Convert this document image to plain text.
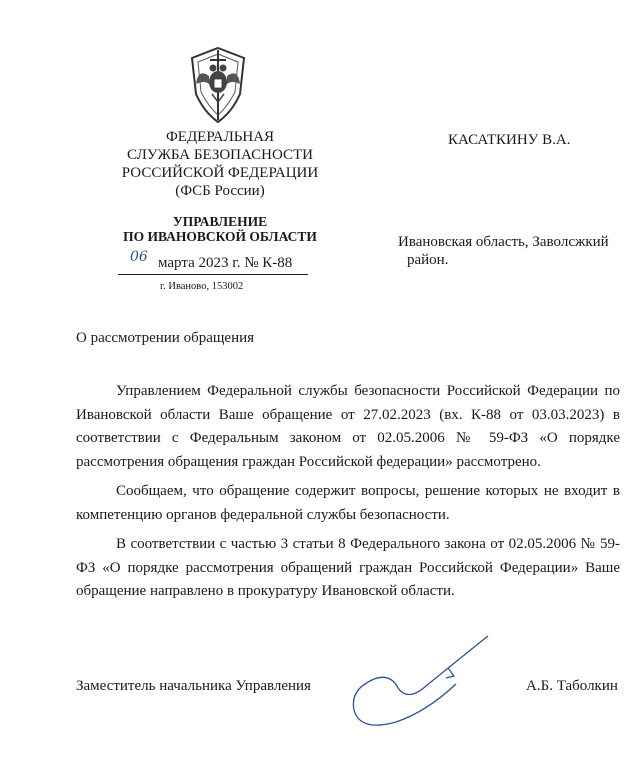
ФЕДЕРАЛЬНАЯ
СЛУЖБА БЕЗОПАСНОСТИ
РОССИЙСКОЙ ФЕДЕРАЦИИ
(ФСБ России)
УПРАВЛЕНИЕ
ПО ИВАНОВСКОЙ ОБЛАСТИ
06 марта 2023 г. № К-88
г. Иваново, 153002
КАСАТКИНУ В.А.
Ивановская область, Заволсжкий
район.
О рассмотрении обращения

Управлением Федеральной службы безопасности Российской Федерации по Ивановской области Ваше обращение от 27.02.2023 (вх. К-88 от 03.03.2023) в соответствии с Федеральным законом от 02.05.2006 № 59-ФЗ «О порядке рассмотрения обращения граждан Российской федерации» рассмотрено.

Сообщаем, что обращение содержит вопросы, решение которых не входит в компетенцию органов федеральной службы безопасности.

В соответствии с частью 3 статьи 8 Федерального закона от 02.05.2006 № 59-ФЗ «О порядке рассмотрения обращений граждан Российской Федерации» Ваше обращение направлено в прокуратуру Ивановской области.

Заместитель начальника Управления	А.Б. Таболкин
